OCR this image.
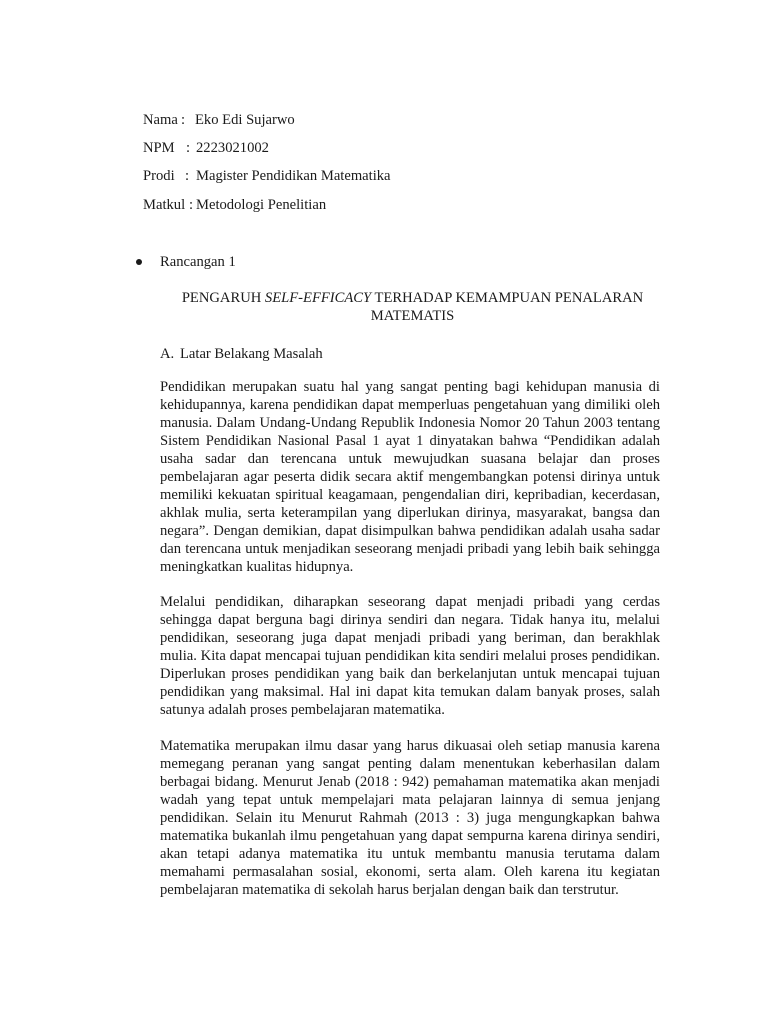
Nama : Eko Edi Sujarwo
NPM : 2223021002
Prodi : Magister Pendidikan Matematika
Matkul : Metodologi Penelitian
Rancangan 1
PENGARUH SELF-EFFICACY TERHADAP KEMAMPUAN PENALARAN MATEMATIS
A. Latar Belakang Masalah

Pendidikan merupakan suatu hal yang sangat penting bagi kehidupan manusia di kehidupannya, karena pendidikan dapat memperluas pengetahuan yang dimiliki oleh manusia. Dalam Undang-Undang Republik Indonesia Nomor 20 Tahun 2003 tentang Sistem Pendidikan Nasional Pasal 1 ayat 1 dinyatakan bahwa “Pendidikan adalah usaha sadar dan terencana untuk mewujudkan suasana belajar dan proses pembelajaran agar peserta didik secara aktif mengembangkan potensi dirinya untuk memiliki kekuatan spiritual keagamaan, pengendalian diri, kepribadian, kecerdasan, akhlak mulia, serta keterampilan yang diperlukan dirinya, masyarakat, bangsa dan negara”. Dengan demikian, dapat disimpulkan bahwa pendidikan adalah usaha sadar dan terencana untuk menjadikan seseorang menjadi pribadi yang lebih baik sehingga meningkatkan kualitas hidupnya.

Melalui pendidikan, diharapkan seseorang dapat menjadi pribadi yang cerdas sehingga dapat berguna bagi dirinya sendiri dan negara. Tidak hanya itu, melalui pendidikan, seseorang juga dapat menjadi pribadi yang beriman, dan berakhlak mulia. Kita dapat mencapai tujuan pendidikan kita sendiri melalui proses pendidikan. Diperlukan proses pendidikan yang baik dan berkelanjutan untuk mencapai tujuan pendidikan yang maksimal. Hal ini dapat kita temukan dalam banyak proses, salah satunya adalah proses pembelajaran matematika.

Matematika merupakan ilmu dasar yang harus dikuasai oleh setiap manusia karena memegang peranan yang sangat penting dalam menentukan keberhasilan dalam berbagai bidang. Menurut Jenab (2018 : 942) pemahaman matematika akan menjadi wadah yang tepat untuk mempelajari mata pelajaran lainnya di semua jenjang pendidikan. Selain itu Menurut Rahmah (2013 : 3) juga mengungkapkan bahwa matematika bukanlah ilmu pengetahuan yang dapat sempurna karena dirinya sendiri, akan tetapi adanya matematika itu untuk membantu manusia terutama dalam memahami permasalahan sosial, ekonomi, serta alam. Oleh karena itu kegiatan pembelajaran matematika di sekolah harus berjalan dengan baik dan terstrutur.
